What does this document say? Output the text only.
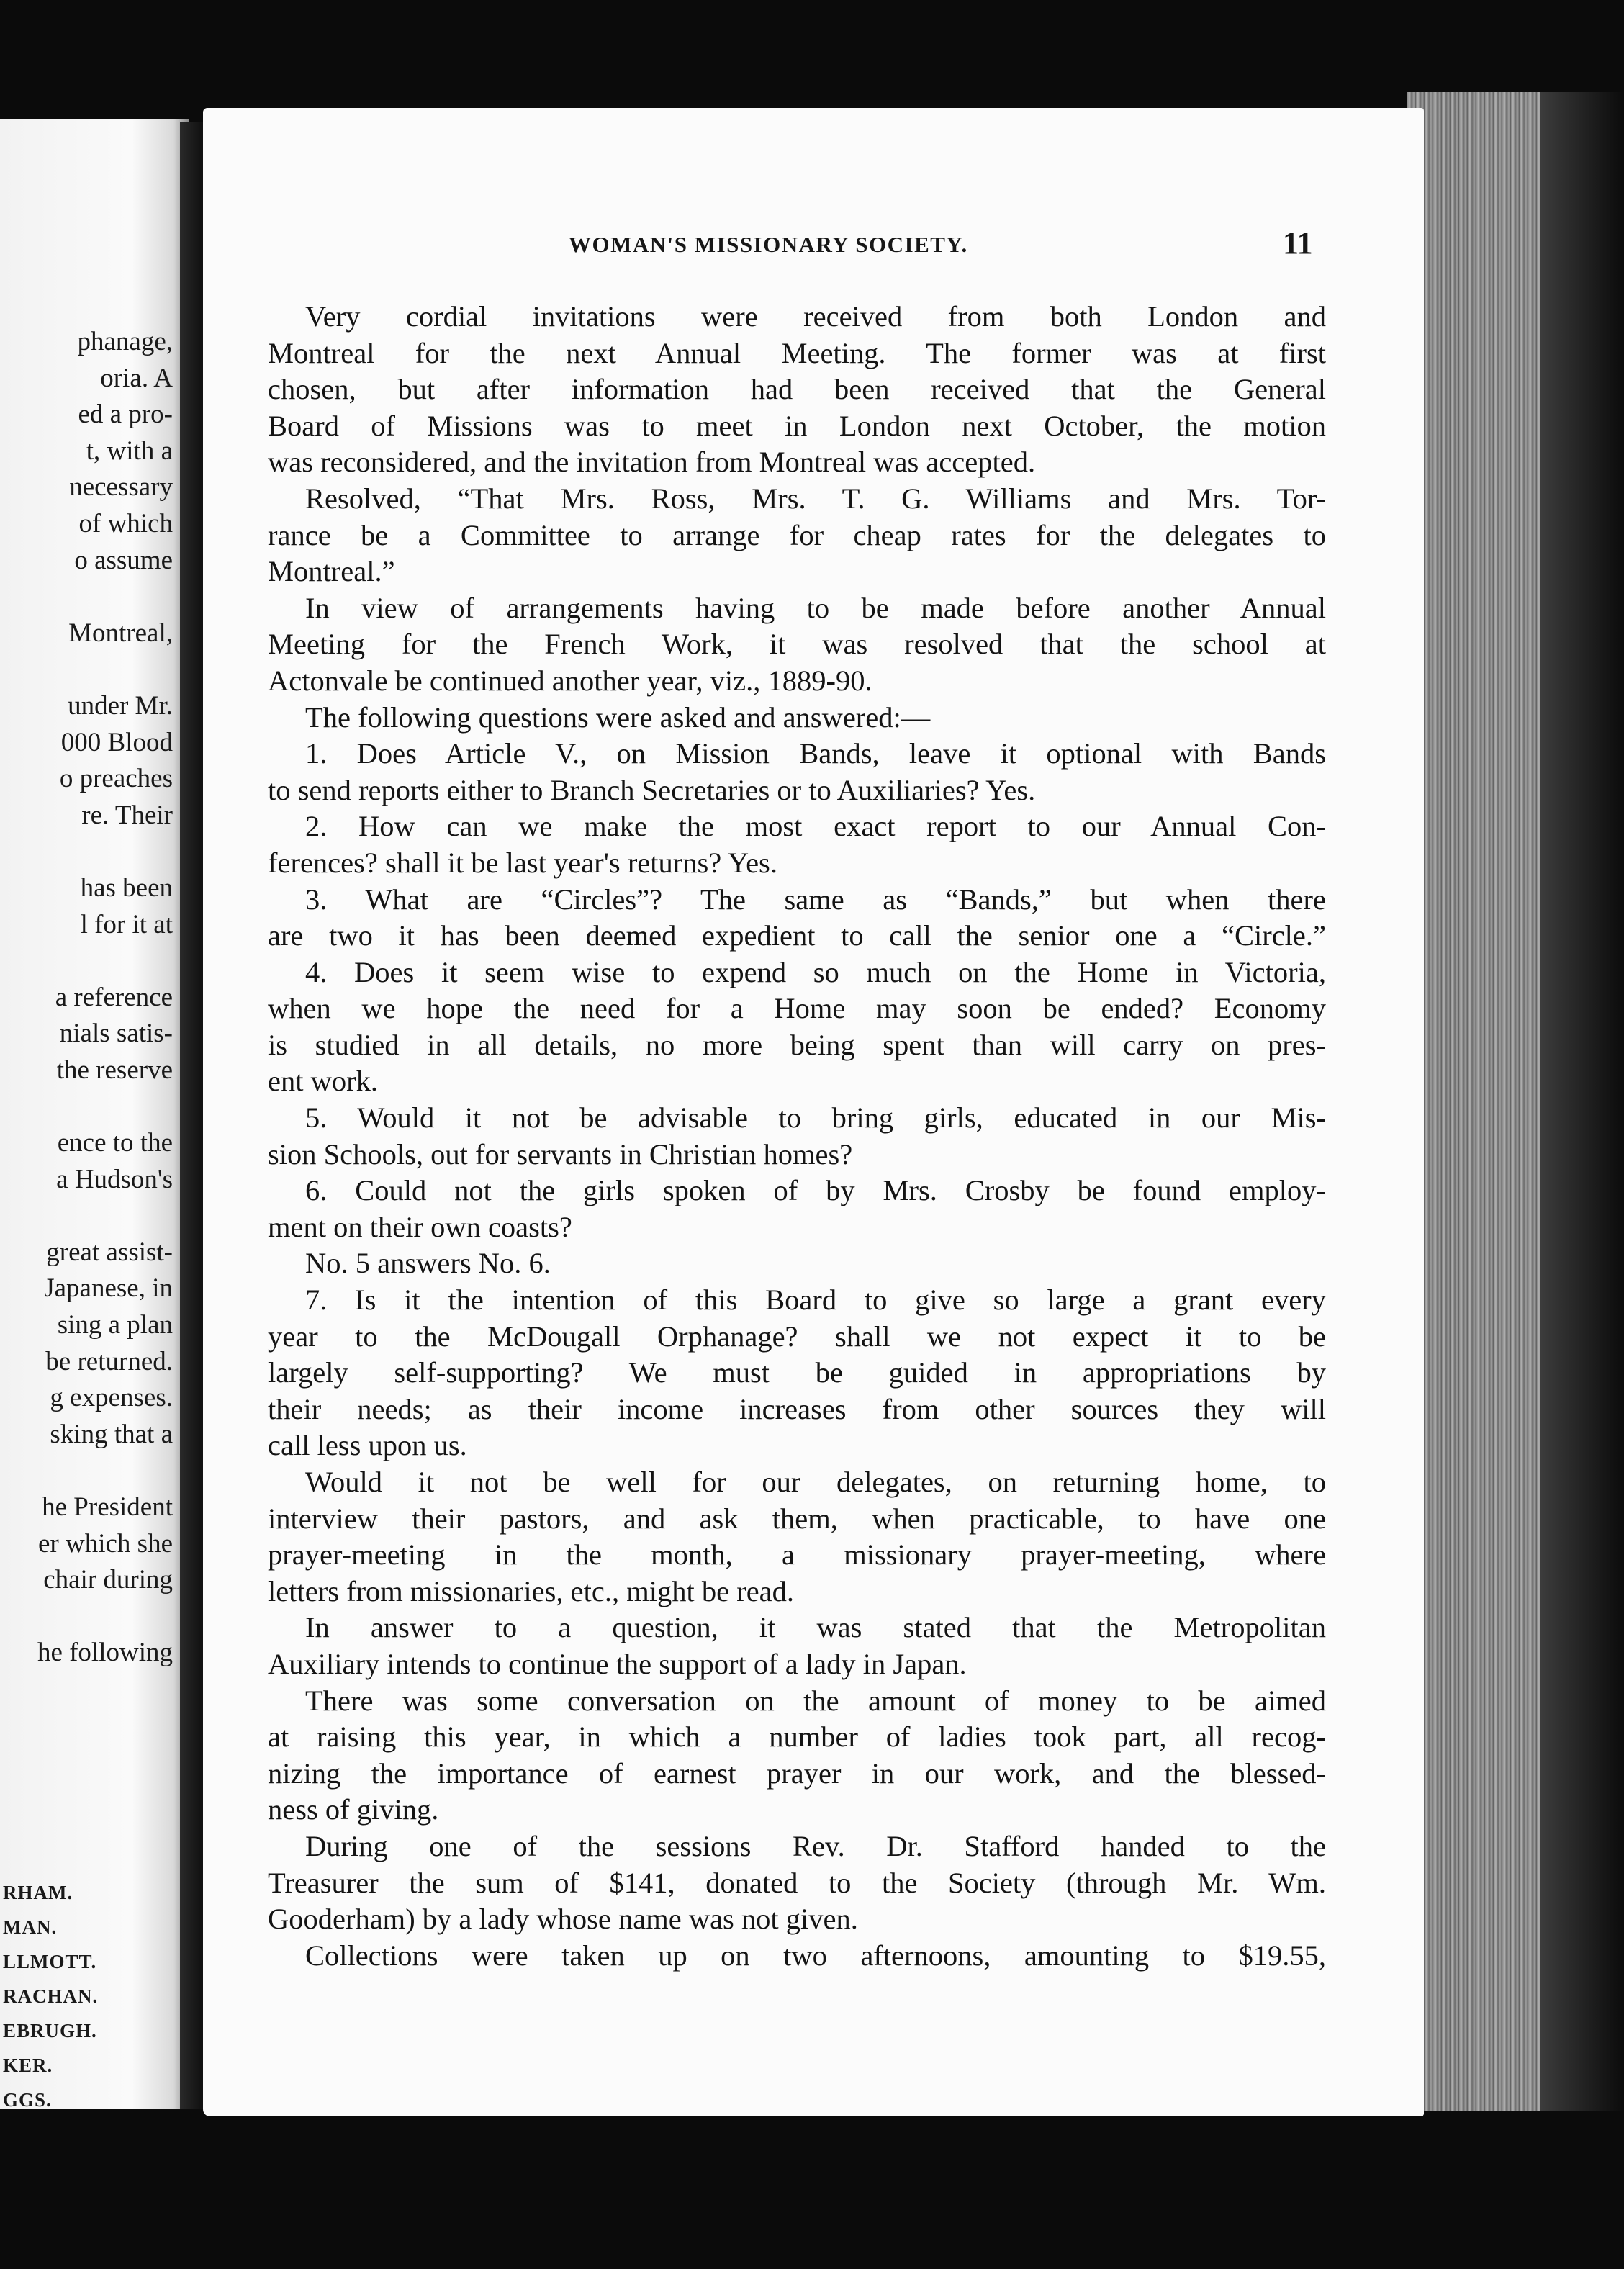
phanage,
oria. A
ed a pro-
t, with a
necessary
of which
o assume

Montreal,

under Mr.
000 Blood
o preaches
re. Their

has been
l for it at

a reference
nials satis-
the reserve

ence to the
a Hudson's

great assist-
Japanese, in
sing a plan
be returned.
g expenses.
sking that a

he President
er which she
chair during

he following
RHAM.
MAN.
LLMOTT.
RACHAN.
EBRUGH.
KER.
GGS.
WOMAN'S MISSIONARY SOCIETY.	11
Very cordial invitations were received from both London and
Montreal for the next Annual Meeting. The former was at first
chosen, but after information had been received that the General
Board of Missions was to meet in London next October, the motion
was reconsidered, and the invitation from Montreal was accepted.
Resolved, “That Mrs. Ross, Mrs. T. G. Williams and Mrs. Tor-
rance be a Committee to arrange for cheap rates for the delegates to
Montreal.”
In view of arrangements having to be made before another Annual
Meeting for the French Work, it was resolved that the school at
Actonvale be continued another year, viz., 1889-90.
The following questions were asked and answered:—
1. Does Article V., on Mission Bands, leave it optional with Bands
to send reports either to Branch Secretaries or to Auxiliaries? Yes.
2. How can we make the most exact report to our Annual Con-
ferences? shall it be last year's returns? Yes.
3. What are “Circles”? The same as “Bands,” but when there
are two it has been deemed expedient to call the senior one a “Circle.”
4. Does it seem wise to expend so much on the Home in Victoria,
when we hope the need for a Home may soon be ended? Economy
is studied in all details, no more being spent than will carry on pres-
ent work.
5. Would it not be advisable to bring girls, educated in our Mis-
sion Schools, out for servants in Christian homes?
6. Could not the girls spoken of by Mrs. Crosby be found employ-
ment on their own coasts?
No. 5 answers No. 6.
7. Is it the intention of this Board to give so large a grant every
year to the McDougall Orphanage? shall we not expect it to be
largely self-supporting? We must be guided in appropriations by
their needs; as their income increases from other sources they will
call less upon us.
Would it not be well for our delegates, on returning home, to
interview their pastors, and ask them, when practicable, to have one
prayer-meeting in the month, a missionary prayer-meeting, where
letters from missionaries, etc., might be read.
In answer to a question, it was stated that the Metropolitan
Auxiliary intends to continue the support of a lady in Japan.
There was some conversation on the amount of money to be aimed
at raising this year, in which a number of ladies took part, all recog-
nizing the importance of earnest prayer in our work, and the blessed-
ness of giving.
During one of the sessions Rev. Dr. Stafford handed to the
Treasurer the sum of $141, donated to the Society (through Mr. Wm.
Gooderham) by a lady whose name was not given.
Collections were taken up on two afternoons, amounting to $19.55,
